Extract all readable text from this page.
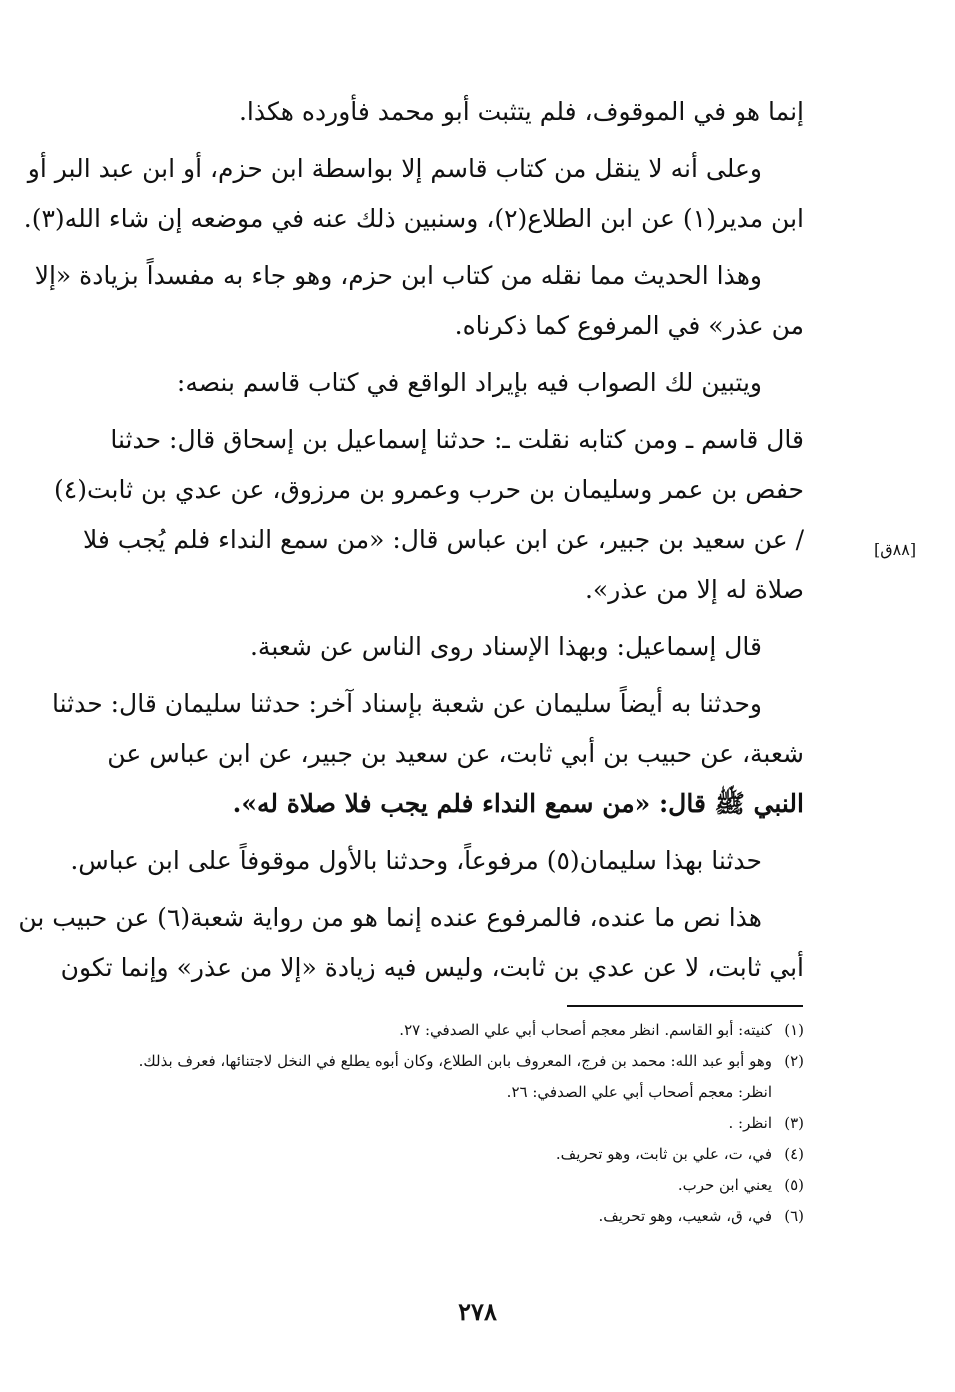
إنما هو في الموقوف، فلم يتثبت أبو محمد فأورده هكذا.

وعلى أنه لا ينقل من كتاب قاسم إلا بواسطة ابن حزم، أو ابن عبد البر أو

ابن مدير(١) عن ابن الطلاع(٢)، وسنبين ذلك عنه في موضعه إن شاء الله(٣).

وهذا الحديث مما نقله من كتاب ابن حزم، وهو جاء به مفسداً بزيادة «إلا

من عذر» في المرفوع كما ذكرناه.

ويتبين لك الصواب فيه بإيراد الواقع في كتاب قاسم بنصه:

قال قاسم ـ ومن كتابه نقلت ـ: حدثنا إسماعيل بن إسحاق قال: حدثنا

حفص بن عمر وسليمان بن حرب وعمرو بن مرزوق، عن عدي بن ثابت(٤)

/ عن سعيد بن جبير، عن ابن عباس قال: «من سمع النداء فلم يُجب فلا

صلاة له إلا من عذر».

قال إسماعيل: وبهذا الإسناد روى الناس عن شعبة.

وحدثنا به أيضاً سليمان عن شعبة بإسناد آخر: حدثنا سليمان قال: حدثنا

شعبة، عن حبيب بن أبي ثابت، عن سعيد بن جبير، عن ابن عباس عن

النبي ﷺ قال: «من سمع النداء فلم يجب فلا صلاة له».

حدثنا بهذا سليمان(٥) مرفوعاً، وحدثنا بالأول موقوفاً على ابن عباس.

هذا نص ما عنده، فالمرفوع عنده إنما هو من رواية شعبة(٦) عن حبيب بن

أبي ثابت، لا عن عدي بن ثابت، وليس فيه زيادة «إلا من عذر» وإنما تكون

[٨٨ق]
(١)كنيته: أبو القاسم. انظر معجم أصحاب أبي علي الصدفي: ٢٧.
(٢)وهو أبو عبد الله: محمد بن فرج، المعروف بابن الطلاع، وكان أبوه يطلع في النخل لاجتنائها، فعرف بذلك.
انظر: معجم أصحاب أبي علي الصدفي: ٢٦.
(٣)انظر: .
(٤)في، ت، علي بن ثابت، وهو تحريف.
(٥)يعني ابن حرب.
(٦)في، ق، شعيب، وهو تحريف.
٢٧٨
